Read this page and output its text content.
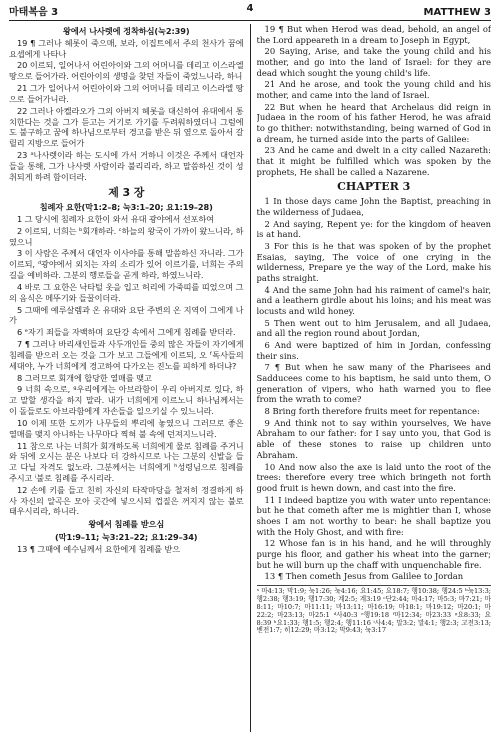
마태복음 3	4	MATTHEW 3
왕에서 나사렛에 정착하심(눅2:39)

19 ¶ 그러나 헤롯이 죽으매, 보라, 이집트에서 주의 천사가 꿈에 요셉에게 나타나

20 이르되, 일어나서 어린아이와 그의 어머니를 데리고 이스라엘 땅으로 들어가라. 어린아이의 생명을 찾던 자들이 죽었느니라, 하니

21 그가 일어나서 어린아이와 그의 어머니를 데리고 이스라엘 땅으로 들어가니라.

22 그러나 아켈라오가 그의 아버지 헤롯을 대신하여 유대에서 통치한다는 것을 그가 듣고는 거기로 가기를 두려워하였더니 그럼에도 불구하고 꿈에 하나님으로부터 경고를 받은 뒤 옆으로 돌아서 갈릴리 지방으로 들어가

23 ᵃ나사렛이라 하는 도시에 가서 거하니 이것은 주께서 대언자들을 통해, 그가 나사렛 사람이라 불리리라, 하고 말씀하신 것이 성취되게 하려 함이더라.

제 3 장
침례자 요한(막1:2–8; 눅3:1–20; 요1:19–28)

1 그 당시에 침례자 요한이 와서 유대 광야에서 선포하여

2 이르되, 너희는 ᵇ회개하라. ᶜ하늘의 왕국이 가까이 왔느니라, 하였으니

3 이 사람은 주께서 대언자 이사야를 통해 말씀하신 자니라. 그가 이르되, ᵈ광야에서 외치는 자의 소리가 있어 이르기를, 너희는 주의 길을 예비하라. 그분의 행로들을 곧게 하라, 하였느니라.

4 바로 그 요한은 낙타털 옷을 입고 허리에 가죽띠를 띠었으며 그의 음식은 메뚜기와 들꿀이더라.

5 그때에 예루살렘과 온 유대와 요단 주변의 온 지역이 그에게 나가

6 ᵉ자기 죄들을 자백하며 요단강 속에서 그에게 침례를 받더라.

7 ¶ 그러나 바리새인들과 사두개인들 중의 많은 자들이 자기에게 침례를 받으러 오는 것을 그가 보고 그들에게 이르되, 오 ᶠ독사들의 세대야, 누가 너희에게 경고하여 다가오는 진노를 피하게 하더냐?

8 그러므로 회개에 합당한 열매를 맺고

9 너희 속으로, ᵍ우리에게는 아브라함이 우리 아버지로 있다, 하고 말할 생각을 하지 말라. 내가 너희에게 이르노니 하나님께서는 이 돌들로도 아브라함에게 자손들을 일으키실 수 있느니라.

10 이제 또한 도끼가 나무들의 뿌리에 놓였으니 그러므로 좋은 열매를 맺지 아니하는 나무마다 찍혀 불 속에 던져지느니라.

11 참으로 나는 너희가 회개하도록 너희에게 물로 침례를 주거니와 뒤에 오시는 분은 나보다 더 강하시므로 나는 그분의 신발을 들고 다닐 자격도 없노라. 그분께서는 너희에게 ʰ성령님으로 침례를 주시고 ⁱ불로 침례를 주시리라.

12 손에 키를 들고 친히 자신의 타작마당을 철저히 정결하게 하사 자신의 알곡은 모아 곳간에 넣으시되 껍질은 꺼지지 않는 불로 태우시리라, 하니라.

왕에서 침례를 받으심
(막1:9–11; 눅3:21–22; 요1:29–34)

13 ¶ 그때에 예수님께서 요한에게 침례를 받으

19 ¶ But when Herod was dead, behold, an angel of the Lord appeareth in a dream to Joseph in Egypt,

20 Saying, Arise, and take the young child and his mother, and go into the land of Israel: for they are dead which sought the young child's life.

21 And he arose, and took the young child and his mother, and came into the land of Israel.

22 But when he heard that Archelaus did reign in Judaea in the room of his father Herod, he was afraid to go thither: notwithstanding, being warned of God in a dream, he turned aside into the parts of Galilee:

23 And he came and dwelt in a city called Nazareth: that it might be fulfilled which was spoken by the prophets, He shall be called a Nazarene.

CHAPTER 3

1 In those days came John the Baptist, preaching in the wilderness of Judaea,

2 And saying, Repent ye: for the kingdom of heaven is at hand.

3 For this is he that was spoken of by the prophet Esaias, saying, The voice of one crying in the wilderness, Prepare ye the way of the Lord, make his paths straight.

4 And the same John had his raiment of camel's hair, and a leathern girdle about his loins; and his meat was locusts and wild honey.

5 Then went out to him Jerusalem, and all Judaea, and all the region round about Jordan,

6 And were baptized of him in Jordan, confessing their sins.

7 ¶ But when he saw many of the Pharisees and Sadducees come to his baptism, he said unto them, O generation of vipers, who hath warned you to flee from the wrath to come?

8 Bring forth therefore fruits meet for repentance:

9 And think not to say within yourselves, We have Abraham to our father: for I say unto you, that God is able of these stones to raise up children unto Abraham.

10 And now also the axe is laid unto the root of the trees: therefore every tree which bringeth not forth good fruit is hewn down, and cast into the fire.

11 I indeed baptize you with water unto repentance: but he that cometh after me is mightier than I, whose shoes I am not worthy to bear: he shall baptize you with the Holy Ghost, and with fire:

12 Whose fan is in his hand, and he will throughly purge his floor, and gather his wheat into the garner; but he will burn up the chaff with unquenchable fire.

13 ¶ Then cometh Jesus from Galilee to Jordan

ᵃ 마4:13; 막1:9; 눅1:26; 눅4:16; 요1:45; 요18:7; 행10:38; 행24:5 ᵇ눅13:3; 행2:38; 행3:19; 행17:30; 계2:5; 계3:19 ᶜ단2:44; 마4:17; 마5:3; 마7:21; 마8:11; 마10:7; 마11:11; 마13:11; 마16:19; 마18:1; 마19:12; 마20:1; 마22:2; 마23:13; 마25:1 ᵈ사40:3 ᵉ행19:18 ᶠ마12:34; 마23:33 ᵍ요8:33; 요8:39 ʰ요1:33; 행1:5; 행2:4; 행11:16 ⁱ사4:4; 말3:2; 말4:1; 행2:3; 고전3:13; 벧전1:7; 히12:29; 마3:12; 막9:43; 눅3:17
